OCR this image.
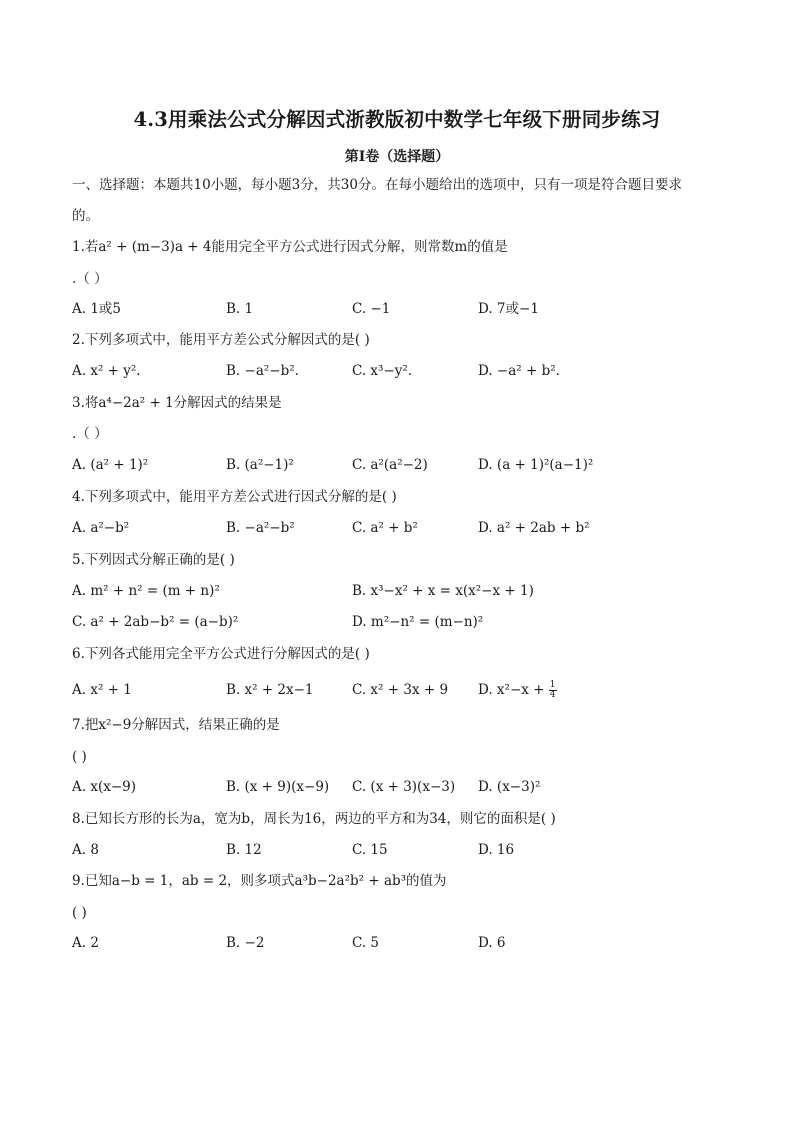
4.3用乘法公式分解因式浙教版初中数学七年级下册同步练习
第I卷（选择题）
一、选择题：本题共10小题，每小题3分，共30分。在每小题给出的选项中，只有一项是符合题目要求
的。
1.若a² + (m−3)a + 4能用完全平方公式进行因式分解，则常数m的值是
.（ ）
A. 1或5	B. 1	C. −1	D. 7或−1
2.下列多项式中，能用平方差公式分解因式的是( )
A. x² + y².	B. −a²−b².	C. x³−y².	D. −a² + b².
3.将a⁴−2a² + 1分解因式的结果是
.（ ）
A. (a² + 1)²	B. (a²−1)²	C. a²(a²−2)	D. (a + 1)²(a−1)²
4.下列多项式中，能用平方差公式进行因式分解的是( )
A. a²−b²	B. −a²−b²	C. a² + b²	D. a² + 2ab + b²
5.下列因式分解正确的是( )
A. m² + n² = (m + n)²	B. x³−x² + x = x(x²−x + 1)
C. a² + 2ab−b² = (a−b)²	D. m²−n² = (m−n)²
6.下列各式能用完全平方公式进行分解因式的是( )
A. x² + 1	B. x² + 2x−1	C. x² + 3x + 9 D. $x^2-x + \frac{1}{4}$
7.把x²−9分解因式，结果正确的是
( )
A. x(x−9)	B. (x + 9)(x−9) C. (x + 3)(x−3) D. (x−3)²
8.已知长方形的长为a，宽为b，周长为16，两边的平方和为34，则它的面积是( )
A. 8	B. 12	C. 15	D. 16
9.已知a−b = 1，ab = 2，则多项式a³b−2a²b² + ab³的值为
( )
A. 2	B. −2	C. 5	D. 6
